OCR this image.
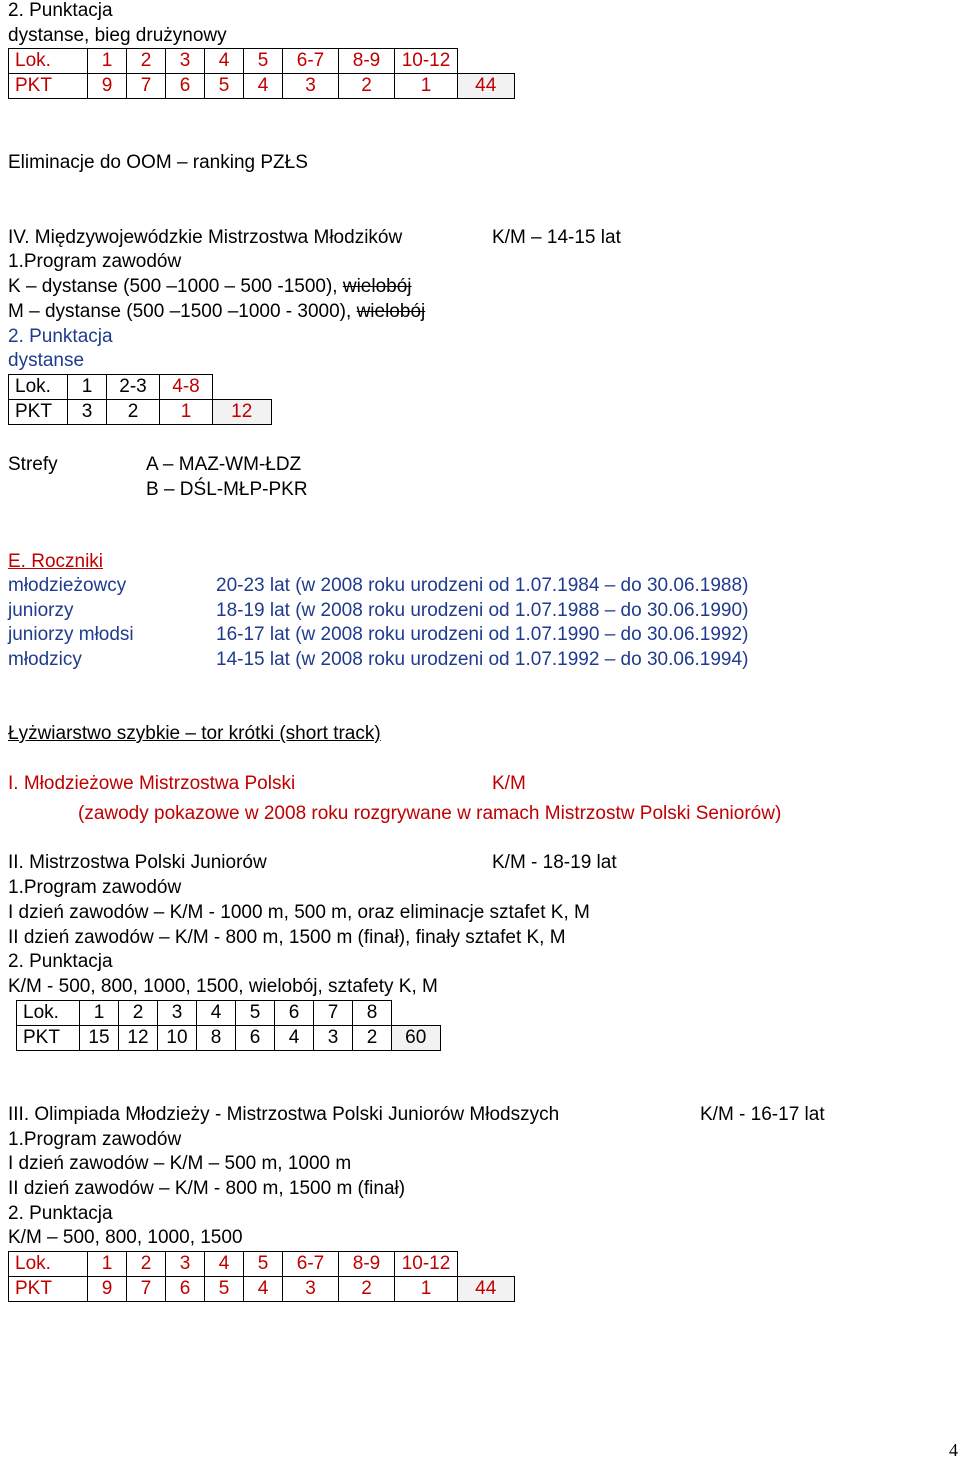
2. Punktacja
dystanse, bieg drużynowy
Lok.	1	2	3	4	5	6-7	8-9	10-12	
PKT	9	7	6	5	4	3	2	1	44
Eliminacje do OOM – ranking PZŁS
IV. Międzywojewódzkie Mistrzostwa Młodzików	K/M – 14-15 lat
1.Program zawodów
K – dystanse (500 –1000 – 500 -1500), wielobój
M – dystanse (500 –1500 –1000 - 3000), wielobój
2. Punktacja
dystanse
Lok.	1	2-3	4-8	
PKT	3	2	1	12
Strefy	A – MAZ-WM-ŁDZ
B – DŚL-MŁP-PKR
E. Roczniki
młodzieżowcy	20-23 lat (w 2008 roku urodzeni od 1.07.1984 – do 30.06.1988)
juniorzy	18-19 lat (w 2008 roku urodzeni od 1.07.1988 – do 30.06.1990)
juniorzy młodsi	16-17 lat (w 2008 roku urodzeni od 1.07.1990 – do 30.06.1992)
młodzicy	14-15 lat (w 2008 roku urodzeni od 1.07.1992 – do 30.06.1994)
Łyżwiarstwo szybkie – tor krótki (short track)
I. Młodzieżowe Mistrzostwa Polski	K/M
(zawody pokazowe w 2008 roku rozgrywane w ramach Mistrzostw Polski Seniorów)
II. Mistrzostwa Polski Juniorów	K/M - 18-19 lat
1.Program zawodów
I dzień zawodów – K/M - 1000 m, 500 m, oraz eliminacje sztafet K, M
II dzień zawodów – K/M - 800 m, 1500 m (finał), finały sztafet K, M
2. Punktacja
K/M - 500, 800, 1000, 1500, wielobój, sztafety K, M
Lok.	1	2	3	4	5	6	7	8	
PKT	15	12	10	8	6	4	3	2	60
III. Olimpiada Młodzieży - Mistrzostwa Polski Juniorów Młodszych	K/M - 16-17 lat
1.Program zawodów
I dzień zawodów – K/M – 500 m, 1000 m
II dzień zawodów – K/M - 800 m, 1500 m (finał)
2. Punktacja
K/M – 500, 800, 1000, 1500
Lok.	1	2	3	4	5	6-7	8-9	10-12	
PKT	9	7	6	5	4	3	2	1	44
4
